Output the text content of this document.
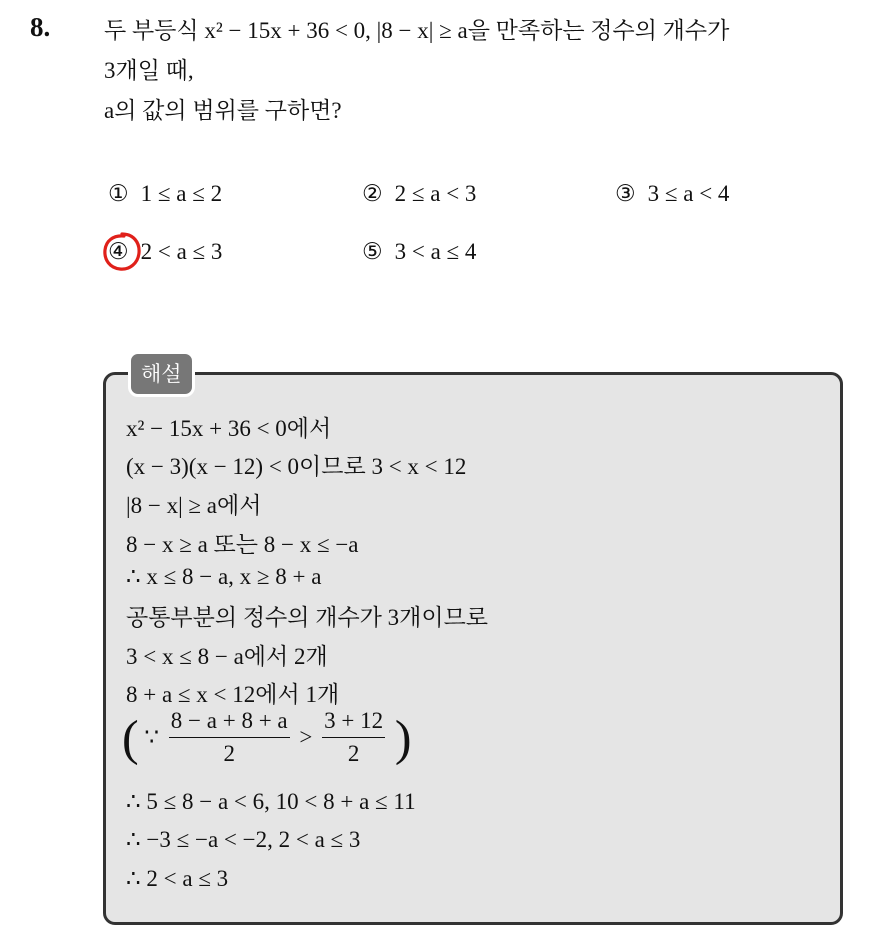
8. 두 부등식 x² − 15x + 36 < 0, |8 − x| ≥ a을 만족하는 정수의 개수가
3개일 때,
a의 값의 범위를 구하면?
① 1 ≤ a ≤ 2	② 2 ≤ a < 3	③ 3 ≤ a < 4
④ 2 < a ≤ 3	⑤ 3 < a ≤ 4
해설
x² − 15x + 36 < 0에서
(x − 3)(x − 12) < 0이므로 3 < x < 12
|8 − x| ≥ a에서
8 − x ≥ a 또는 8 − x ≤ −a
∴ x ≤ 8 − a, x ≥ 8 + a
공통부분의 정수의 개수가 3개이므로
3 < x ≤ 8 − a에서 2개
8 + a ≤ x < 12에서 1개
( ∵ $\frac{8 - a + 8 + a}{2} > \frac{3 + 12}{2}$ )
∴ 5 ≤ 8 − a < 6, 10 < 8 + a ≤ 11
∴ −3 ≤ −a < −2, 2 < a ≤ 3
∴ 2 < a ≤ 3
